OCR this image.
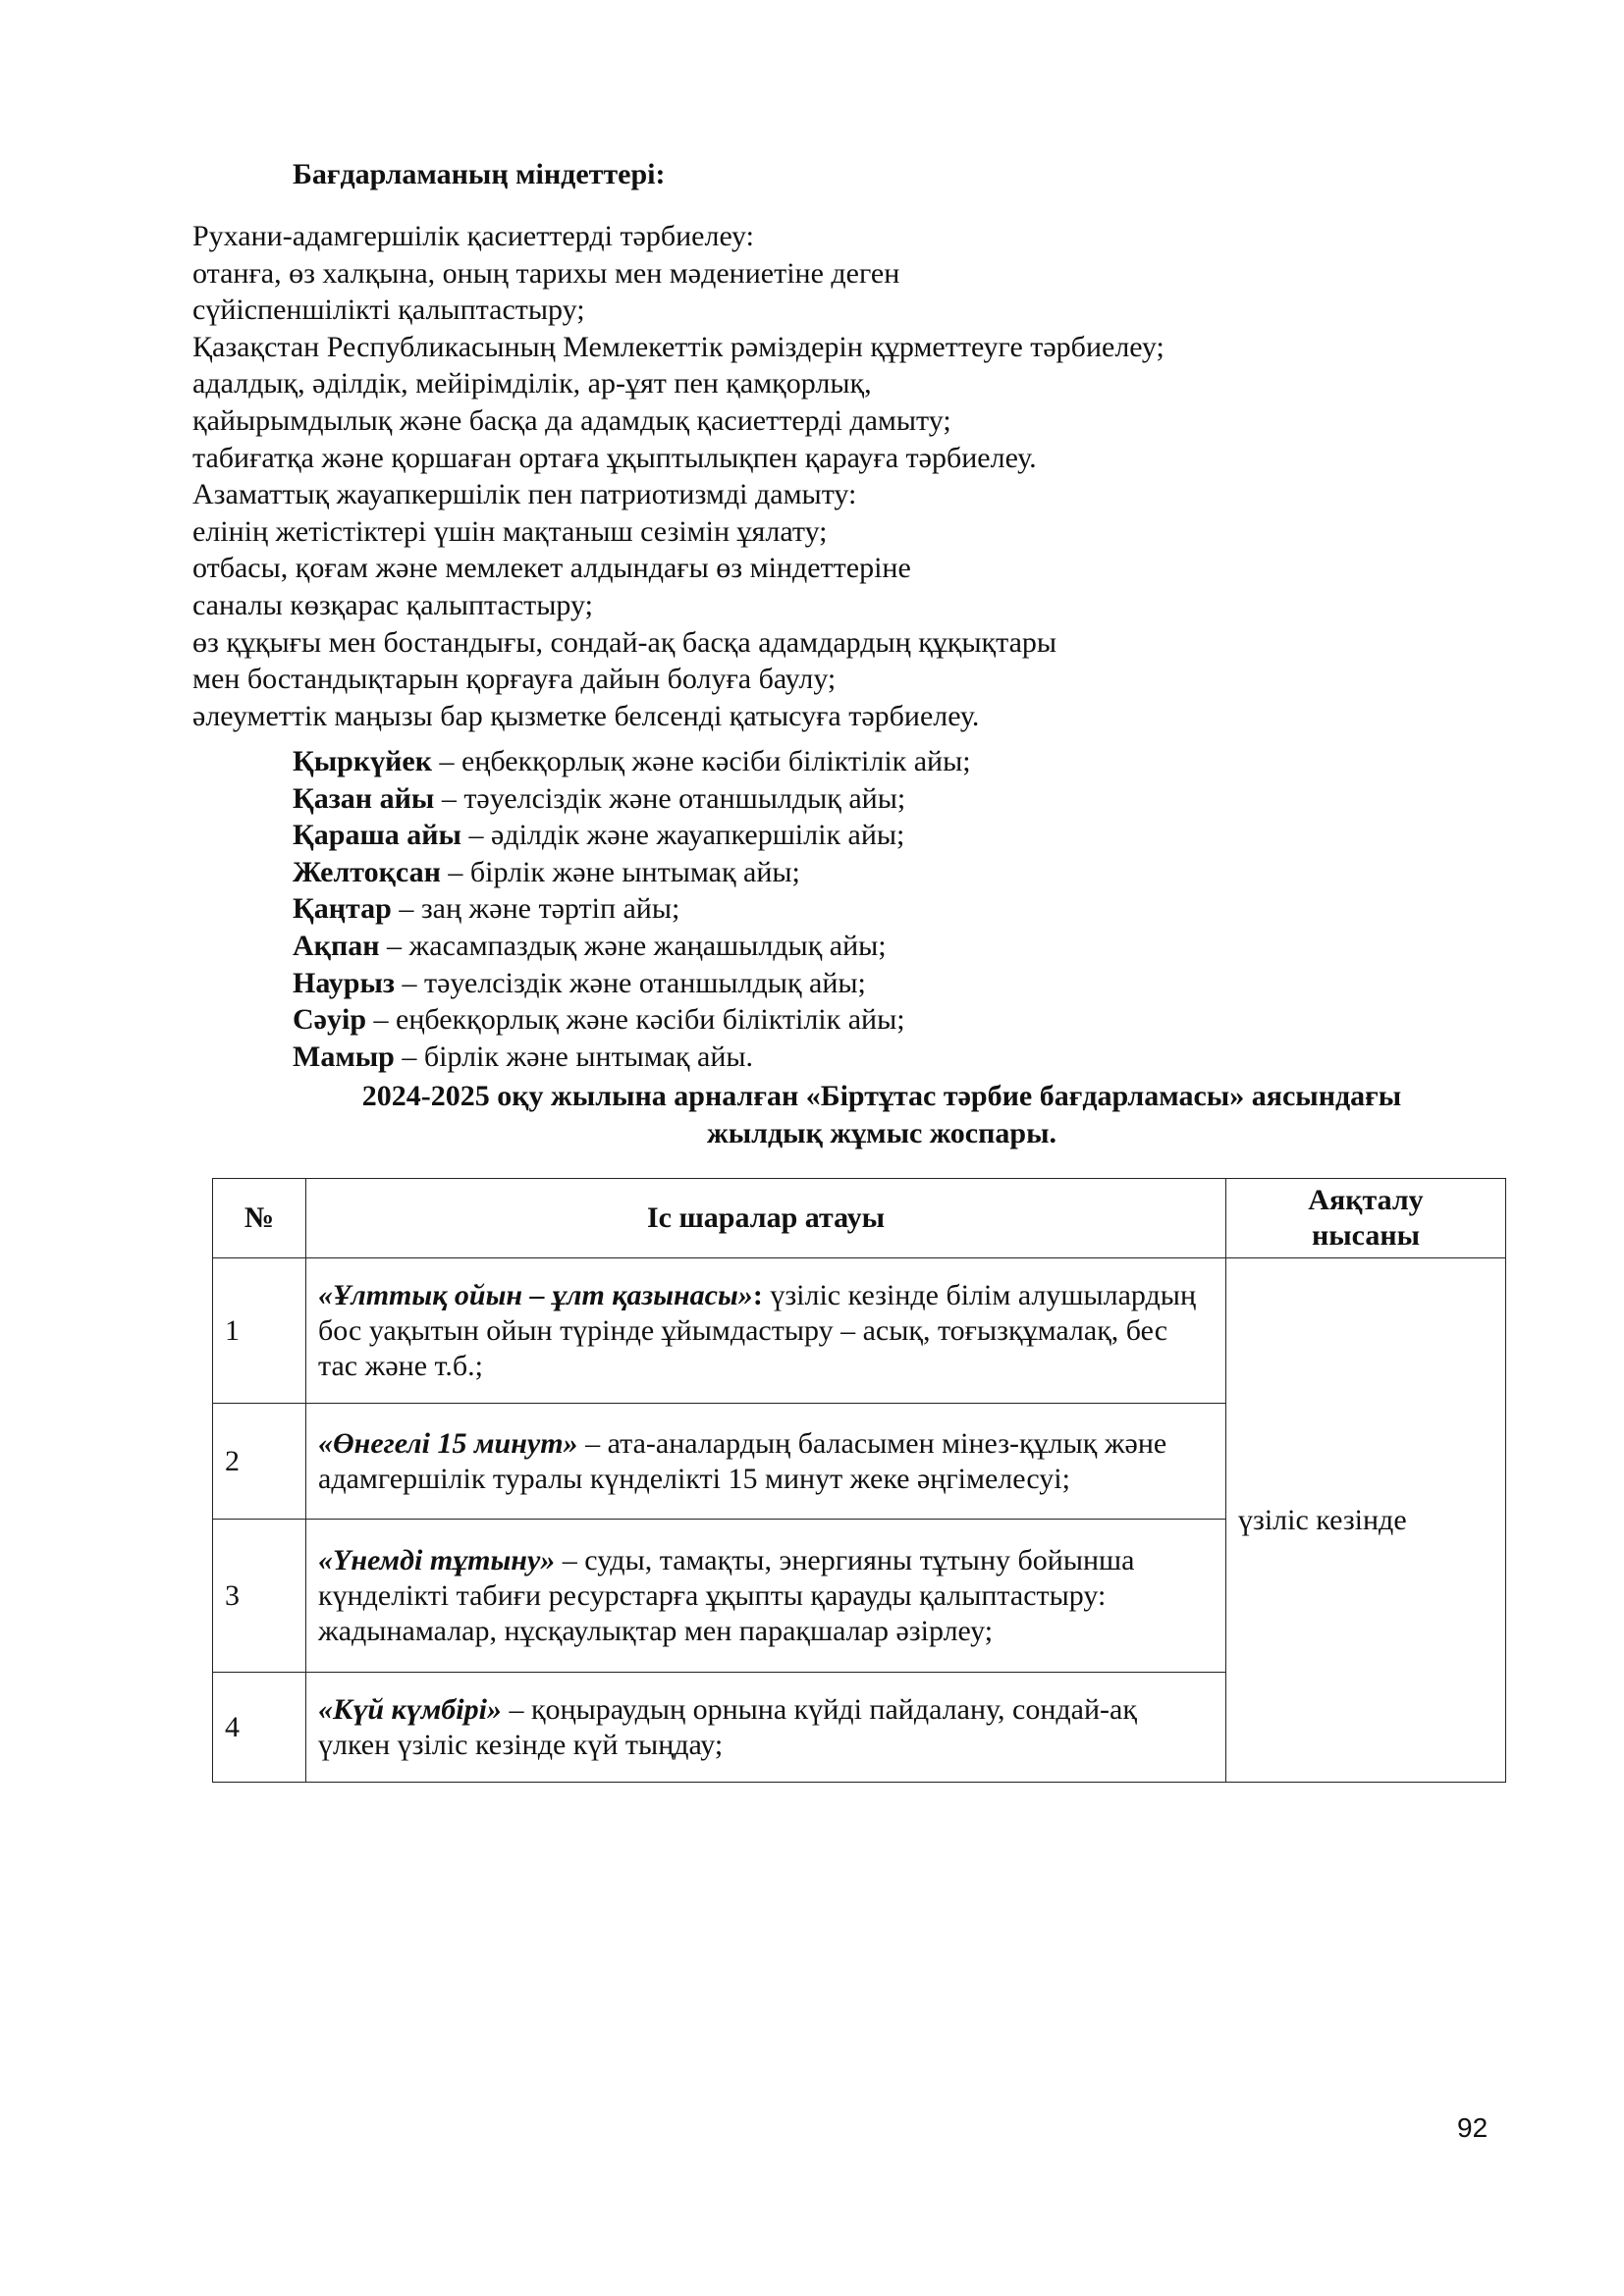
Бағдарламаның міндеттері:
Рухани-адамгершілік қасиеттерді тәрбиелеу:
отанға, өз халқына, оның тарихы мен мәдениетіне деген
сүйіспеншілікті қалыптастыру;
Қазақстан Республикасының Мемлекеттік рәміздерін құрметтеуге тәрбиелеу;
адалдық, әділдік, мейірімділік, ар-ұят пен қамқорлық,
қайырымдылық және басқа да адамдық қасиеттерді дамыту;
табиғатқа және қоршаған ортаға ұқыптылықпен қарауға тәрбиелеу.
Азаматтық жауапкершілік пен патриотизмді дамыту:
елінің жетістіктері үшін мақтаныш сезімін ұялату;
отбасы, қоғам және мемлекет алдындағы өз міндеттеріне
саналы көзқарас қалыптастыру;
өз құқығы мен бостандығы, сондай-ақ басқа адамдардың құқықтары
мен бостандықтарын қорғауға дайын болуға баулу;
әлеуметтік маңызы бар қызметке белсенді қатысуға тәрбиелеу.
Қыркүйек – еңбекқорлық және кәсіби біліктілік айы;
Қазан айы – тәуелсіздік және отаншылдық айы;
Қараша айы – әділдік және жауапкершілік айы;
Желтоқсан – бірлік және ынтымақ айы;
Қаңтар – заң және тәртіп айы;
Ақпан – жасампаздық және жаңашылдық айы;
Наурыз – тәуелсіздік және отаншылдық айы;
Сәуір – еңбекқорлық және кәсіби біліктілік айы;
Мамыр – бірлік және ынтымақ айы.
2024-2025 оқу жылына арналған «Біртұтас тәрбие бағдарламасы» аясындағы
жылдық жұмыс жоспары.
№	Іс шаралар атауы	Аяқталу
нысаны

1	«Ұлттық ойын – ұлт қазынасы»: үзіліс кезінде білім алушылардың бос уақытын ойын түрінде ұйымдастыру – асық, тоғызқұмалақ, бес тас және т.б.;	үзіліс кезінде
2	«Өнегелі 15 минут» – ата-аналардың баласымен мінез-құлық және адамгершілік туралы күнделікті 15 минут жеке әңгімелесуі;	
3	«Үнемді тұтыну» – суды, тамақты, энергияны тұтыну бойынша күнделікті табиғи ресурстарға ұқыпты қарауды қалыптастыру: жадынамалар, нұсқаулықтар мен парақшалар әзірлеу;	
4	«Күй күмбірі» – қоңыраудың орнына күйді пайдалану, сондай-ақ үлкен үзіліс кезінде күй тыңдау;	
92
